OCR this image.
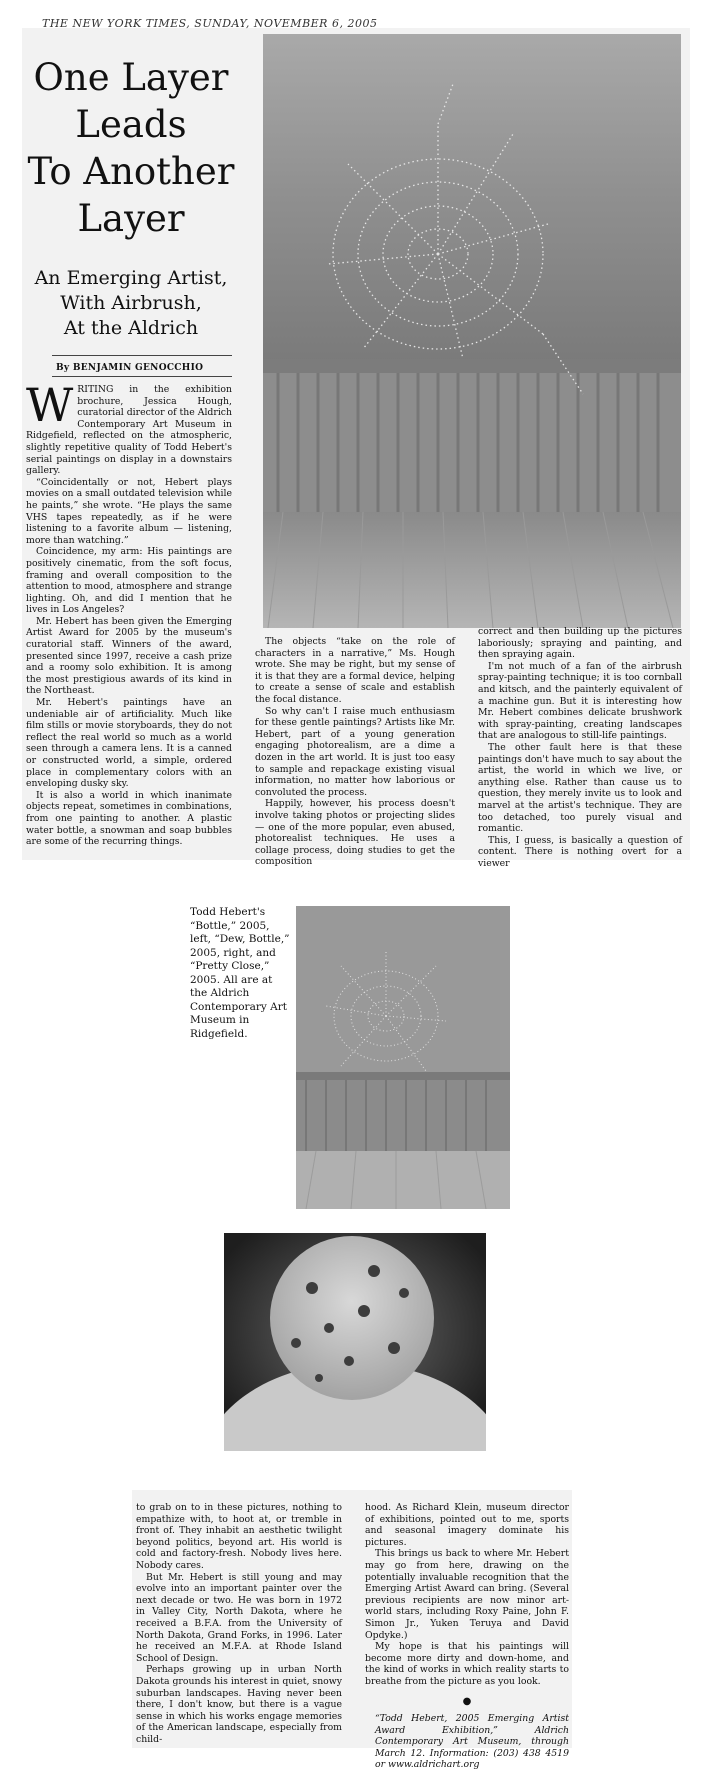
THE NEW YORK TIMES, SUNDAY, NOVEMBER 6, 2005
One Layer
Leads
To Another
Layer
An Emerging Artist,
With Airbrush,
At the Aldrich
By BENJAMIN GENOCCHIO

WRITING in the exhibition brochure, Jessica Hough, curatorial director of the Aldrich Contemporary Art Museum in Ridgefield, reflected on the atmospheric, slightly repetitive quality of Todd Hebert's serial paintings on display in a downstairs gallery.

“Coincidentally or not, Hebert plays movies on a small outdated television while he paints,” she wrote. “He plays the same VHS tapes repeatedly, as if he were listening to a favorite album — listening, more than watching.”

Coincidence, my arm: His paintings are positively cinematic, from the soft focus, framing and overall composition to the attention to mood, atmosphere and strange lighting. Oh, and did I mention that he lives in Los Angeles?

Mr. Hebert has been given the Emerging Artist Award for 2005 by the museum's curatorial staff. Winners of the award, presented since 1997, receive a cash prize and a roomy solo exhibition. It is among the most prestigious awards of its kind in the Northeast.

Mr. Hebert's paintings have an undeniable air of artificiality. Much like film stills or movie storyboards, they do not reflect the real world so much as a world seen through a camera lens. It is a canned or constructed world, a simple, ordered place in complementary colors with an enveloping dusky sky.

It is also a world in which inanimate objects repeat, sometimes in combinations, from one painting to another. A plastic water bottle, a snowman and soap bubbles are some of the recurring things.

The objects “take on the role of characters in a narrative,” Ms. Hough wrote. She may be right, but my sense of it is that they are a formal device, helping to create a sense of scale and establish the focal distance.

So why can't I raise much enthusiasm for these gentle paintings? Artists like Mr. Hebert, part of a young generation engaging photorealism, are a dime a dozen in the art world. It is just too easy to sample and repackage existing visual information, no matter how laborious or convoluted the process.

Happily, however, his process doesn't involve taking photos or projecting slides — one of the more popular, even abused, photorealist techniques. He uses a collage process, doing studies to get the composition

correct and then building up the pictures laboriously; spraying and painting, and then spraying again.

I'm not much of a fan of the airbrush spray-painting technique; it is too cornball and kitsch, and the painterly equivalent of a machine gun. But it is interesting how Mr. Hebert combines delicate brushwork with spray-painting, creating landscapes that are analogous to still-life paintings.

The other fault here is that these paintings don't have much to say about the artist, the world in which we live, or anything else. Rather than cause us to question, they merely invite us to look and marvel at the artist's technique. They are too detached, too purely visual and romantic.

This, I guess, is basically a question of content. There is nothing overt for a viewer

Todd Hebert's “Bottle,” 2005, left, “Dew, Bottle,” 2005, right, and “Pretty Close,” 2005. All are at the Aldrich Contemporary Art Museum in Ridgefield.

to grab on to in these pictures, nothing to empathize with, to hoot at, or tremble in front of. They inhabit an aesthetic twilight beyond politics, beyond art. His world is cold and factory-fresh. Nobody lives here. Nobody cares.

But Mr. Hebert is still young and may evolve into an important painter over the next decade or two. He was born in 1972 in Valley City, North Dakota, where he received a B.F.A. from the University of North Dakota, Grand Forks, in 1996. Later he received an M.F.A. at Rhode Island School of Design.

Perhaps growing up in urban North Dakota grounds his interest in quiet, snowy suburban landscapes. Having never been there, I don't know, but there is a vague sense in which his works engage memories of the American landscape, especially from child-

hood. As Richard Klein, museum director of exhibitions, pointed out to me, sports and seasonal imagery dominate his pictures.

This brings us back to where Mr. Hebert may go from here, drawing on the potentially invaluable recognition that the Emerging Artist Award can bring. (Several previous recipients are now minor art-world stars, including Roxy Paine, John F. Simon Jr., Yuken Teruya and David Opdyke.)

My hope is that his paintings will become more dirty and down-home, and the kind of works in which reality starts to breathe from the picture as you look.

●
“Todd Hebert, 2005 Emerging Artist Award Exhibition,” Aldrich Contemporary Art Museum, through March 12. Information: (203) 438 4519 or www.aldrichart.org
